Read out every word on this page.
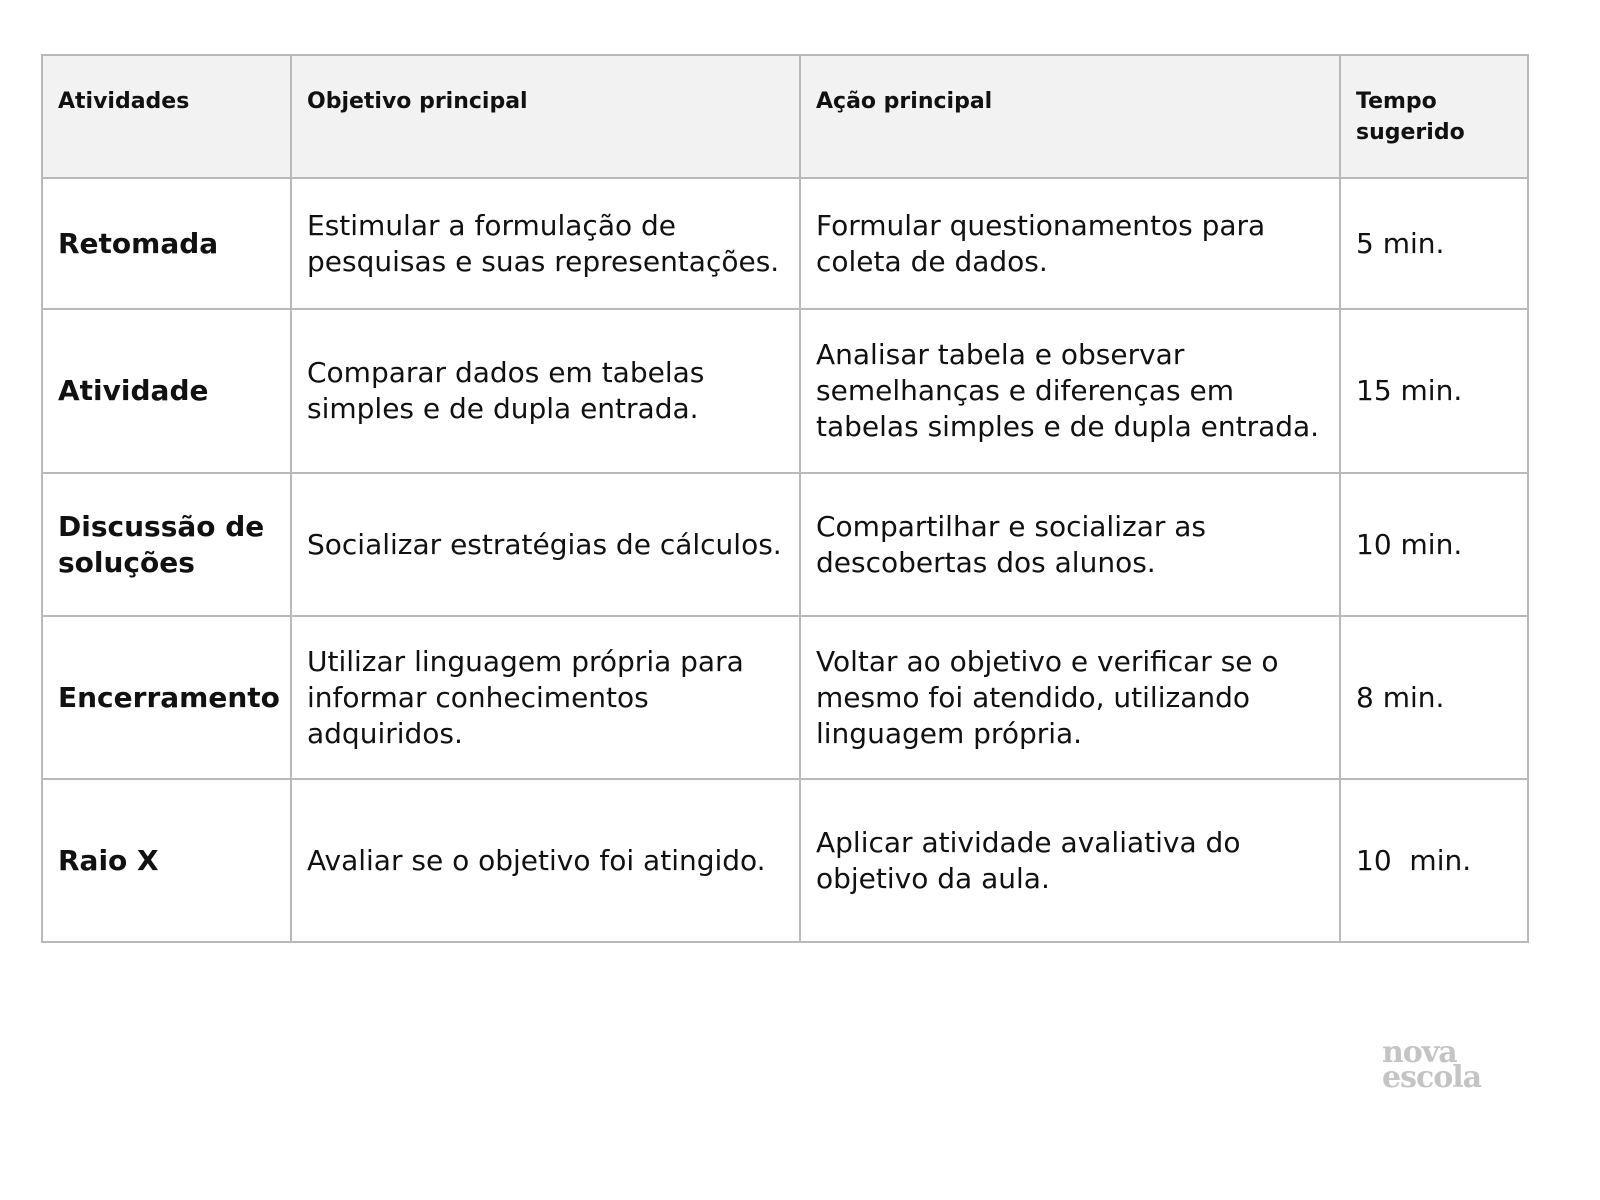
Atividades	Objetivo principal	Ação principal	Tempo sugerido
Retomada	Estimular a formulação de pesquisas e suas representações.	Formular questionamentos para coleta de dados.	5 min.
Atividade	Comparar dados em tabelas simples e de dupla entrada.	Analisar tabela e observar semelhanças e diferenças em tabelas simples e de dupla entrada.	15 min.
Discussão de soluções	Socializar estratégias de cálculos.	Compartilhar e socializar as descobertas dos alunos.	10 min.
Encerramento	Utilizar linguagem própria para informar conhecimentos adquiridos.	Voltar ao objetivo e verificar se o mesmo foi atendido, utilizando linguagem própria.	8 min.
Raio X	Avaliar se o objetivo foi atingido.	Aplicar atividade avaliativa do objetivo da aula.	10  min.
nova
escola
